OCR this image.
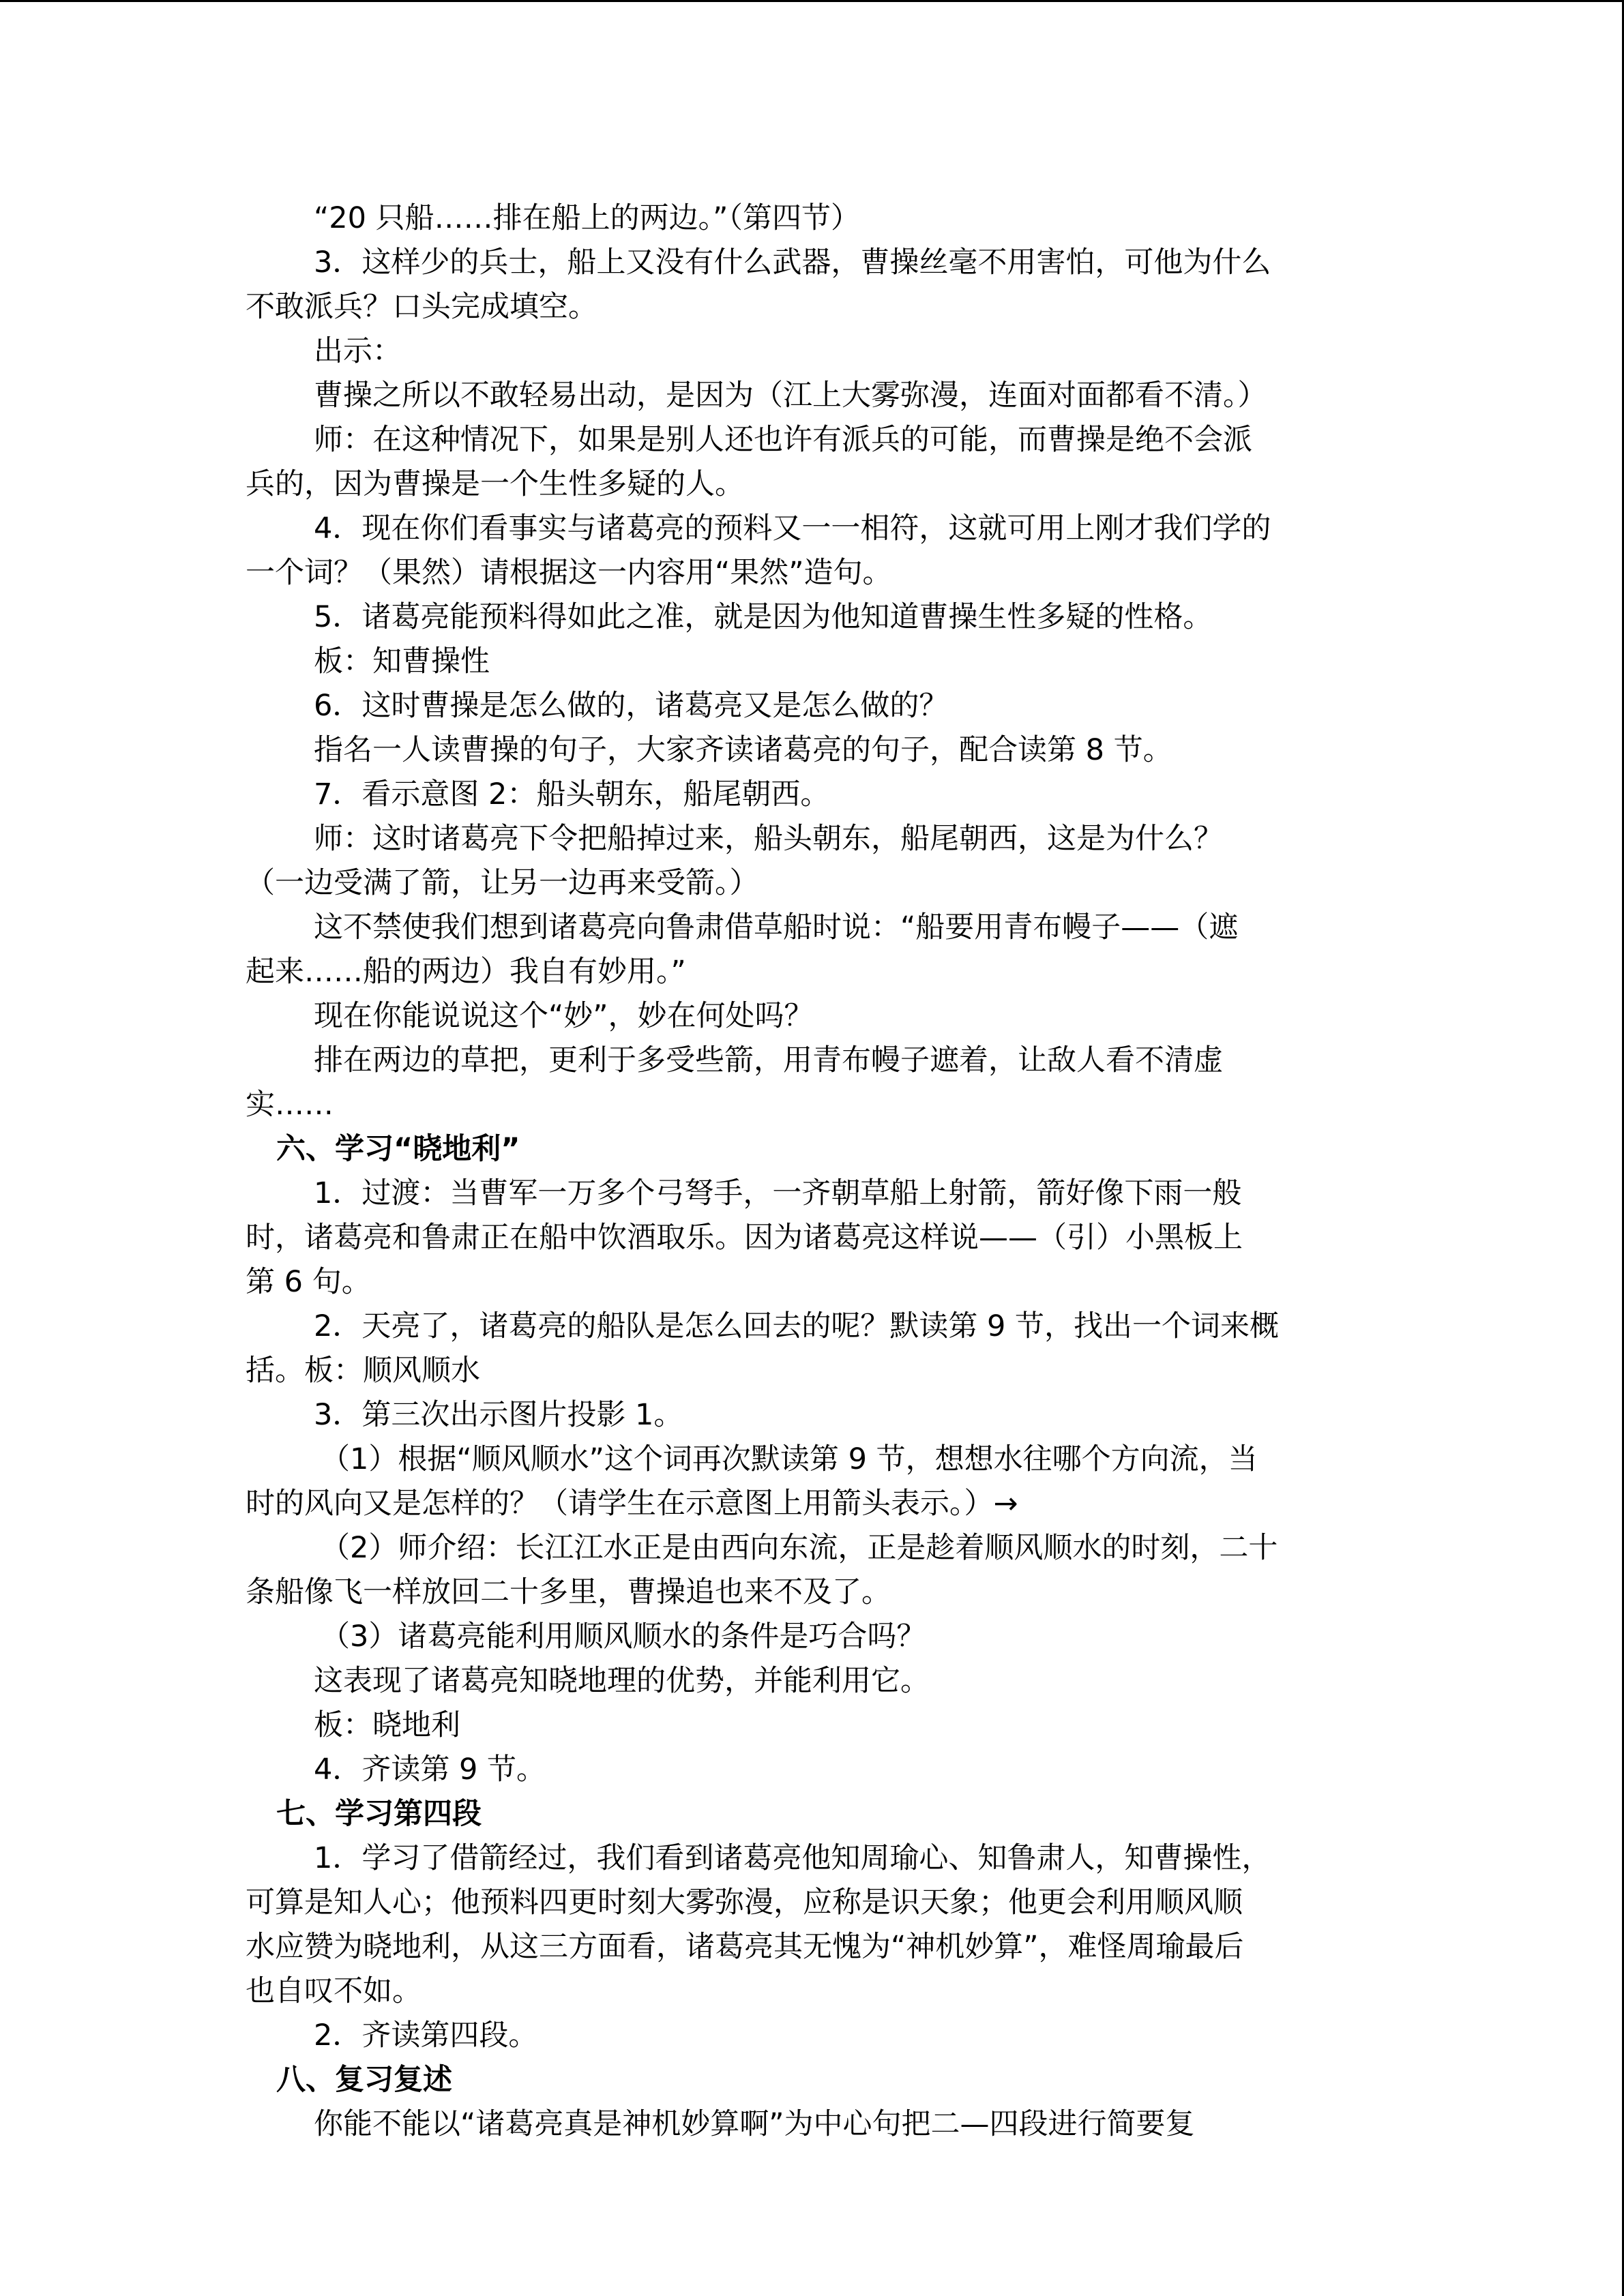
“20 只船……排在船上的两边。”（第四节）
3．这样少的兵士，船上又没有什么武器，曹操丝毫不用害怕，可他为什么
不敢派兵？口头完成填空。
出示：
曹操之所以不敢轻易出动，是因为（江上大雾弥漫，连面对面都看不清。）
师：在这种情况下，如果是别人还也许有派兵的可能，而曹操是绝不会派
兵的，因为曹操是一个生性多疑的人。
4．现在你们看事实与诸葛亮的预料又一一相符，这就可用上刚才我们学的
一个词？（果然）请根据这一内容用“果然”造句。
5．诸葛亮能预料得如此之准，就是因为他知道曹操生性多疑的性格。
板：知曹操性
6．这时曹操是怎么做的，诸葛亮又是怎么做的？
指名一人读曹操的句子，大家齐读诸葛亮的句子，配合读第 8 节。
7．看示意图 2：船头朝东，船尾朝西。
师：这时诸葛亮下令把船掉过来，船头朝东，船尾朝西，这是为什么？
（一边受满了箭，让另一边再来受箭。）
这不禁使我们想到诸葛亮向鲁肃借草船时说：“船要用青布幔子——（遮
起来……船的两边）我自有妙用。”
现在你能说说这个“妙”，妙在何处吗？
排在两边的草把，更利于多受些箭，用青布幔子遮着，让敌人看不清虚
实……
六、学习“晓地利”
1．过渡：当曹军一万多个弓弩手，一齐朝草船上射箭，箭好像下雨一般
时，诸葛亮和鲁肃正在船中饮酒取乐。因为诸葛亮这样说——（引）小黑板上
第 6 句。
2．天亮了，诸葛亮的船队是怎么回去的呢？默读第 9 节，找出一个词来概
括。板：顺风顺水
3．第三次出示图片投影 1。
（1）根据“顺风顺水”这个词再次默读第 9 节，想想水往哪个方向流，当
时的风向又是怎样的？（请学生在示意图上用箭头表示。）→
（2）师介绍：长江江水正是由西向东流，正是趁着顺风顺水的时刻，二十
条船像飞一样放回二十多里，曹操追也来不及了。
（3）诸葛亮能利用顺风顺水的条件是巧合吗？
这表现了诸葛亮知晓地理的优势，并能利用它。
板：晓地利
4．齐读第 9 节。
七、学习第四段
1．学习了借箭经过，我们看到诸葛亮他知周瑜心、知鲁肃人，知曹操性，
可算是知人心；他预料四更时刻大雾弥漫，应称是识天象；他更会利用顺风顺
水应赞为晓地利，从这三方面看，诸葛亮其无愧为“神机妙算”，难怪周瑜最后
也自叹不如。
2．齐读第四段。
八、复习复述
你能不能以“诸葛亮真是神机妙算啊”为中心句把二—四段进行简要复
